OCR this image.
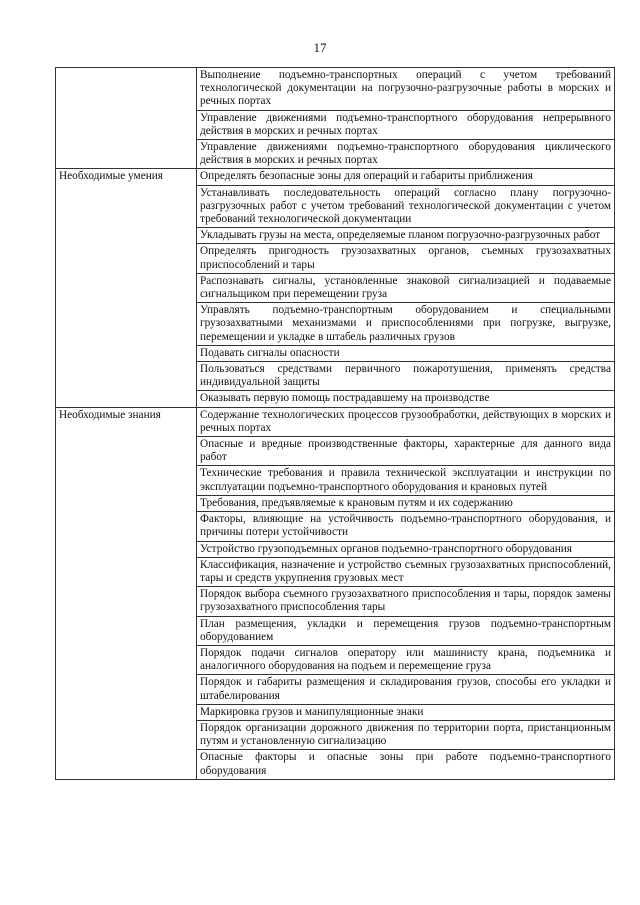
17
	Выполнение подъемно-транспортных операций с учетом требований технологической документации на погрузочно-разгрузочные работы в морских и речных портах
	Управление движениями подъемно-транспортного оборудования непрерывного действия в морских и речных портах
	Управление движениями подъемно-транспортного оборудования циклического действия в морских и речных портах
Необходимые умения	Определять безопасные зоны для операций и габариты приближения
	Устанавливать последовательность операций согласно плану погрузочно-разгрузочных работ с учетом требований технологической документации с учетом требований технологической документации
	Укладывать грузы на места, определяемые планом погрузочно-разгрузочных работ
	Определять пригодность грузозахватных органов, съемных грузозахватных приспособлений и тары
	Распознавать сигналы, установленные знаковой сигнализацией и подаваемые сигнальщиком при перемещении груза
	Управлять подъемно-транспортным оборудованием и специальными грузозахватными механизмами и приспособлениями при погрузке, выгрузке, перемещении и укладке в штабель различных грузов
	Подавать сигналы опасности
	Пользоваться средствами первичного пожаротушения, применять средства индивидуальной защиты
	Оказывать первую помощь пострадавшему на производстве
Необходимые знания	Содержание технологических процессов грузообработки, действующих в морских и речных портах
	Опасные и вредные производственные факторы, характерные для данного вида работ
	Технические требования и правила технической эксплуатации и инструкции по эксплуатации подъемно-транспортного оборудования и крановых путей
	Требования, предъявляемые к крановым путям и их содержанию
	Факторы, влияющие на устойчивость подъемно-транспортного оборудования, и причины потери устойчивости
	Устройство грузоподъемных органов подъемно-транспортного оборудования
	Классификация, назначение и устройство съемных грузозахватных приспособлений, тары и средств укрупнения грузовых мест
	Порядок выбора съемного грузозахватного приспособления и тары, порядок замены грузозахватного приспособления тары
	План размещения, укладки и перемещения грузов подъемно-транспортным оборудованием
	Порядок подачи сигналов оператору или машинисту крана, подъемника и аналогичного оборудования на подъем и перемещение груза
	Порядок и габариты размещения и складирования грузов, способы его укладки и штабелирования
	Маркировка грузов и манипуляционные знаки
	Порядок организации дорожного движения по территории порта, пристанционным путям и установленную сигнализацию
	Опасные факторы и опасные зоны при работе подъемно-транспортного оборудования
